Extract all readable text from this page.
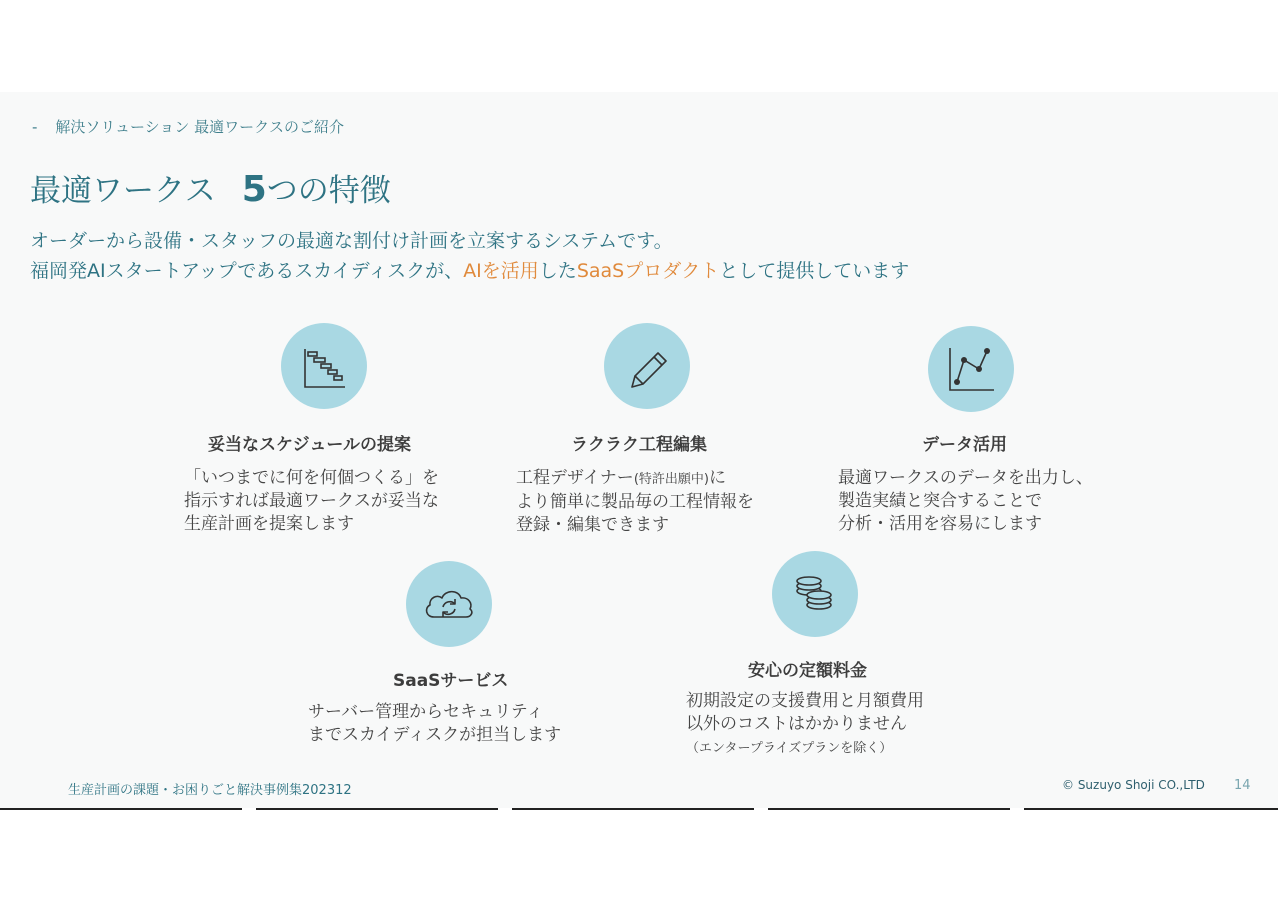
- 解決ソリューション 最適ワークスのご紹介
最適ワークス 5つの特徴
オーダーから設備・スタッフの最適な割付け計画を立案するシステムです。
福岡発AIスタートアップであるスカイディスクが、AIを活用したSaaSプロダクトとして提供しています
妥当なスケジュールの提案
「いつまでに何を何個つくる」を
指示すれば最適ワークスが妥当な
生産計画を提案します
ラクラク工程編集
工程デザイナー(特許出願中)に
より簡単に製品毎の工程情報を
登録・編集できます
データ活用
最適ワークスのデータを出力し、
製造実績と突合することで
分析・活用を容易にします
SaaSサービス
サーバー管理からセキュリティ
までスカイディスクが担当します
安心の定額料金
初期設定の支援費用と月額費用
以外のコストはかかりません
（エンタープライズプランを除く）
生産計画の課題・お困りごと解決事例集202312	© Suzuyo Shoji CO.,LTD 14
